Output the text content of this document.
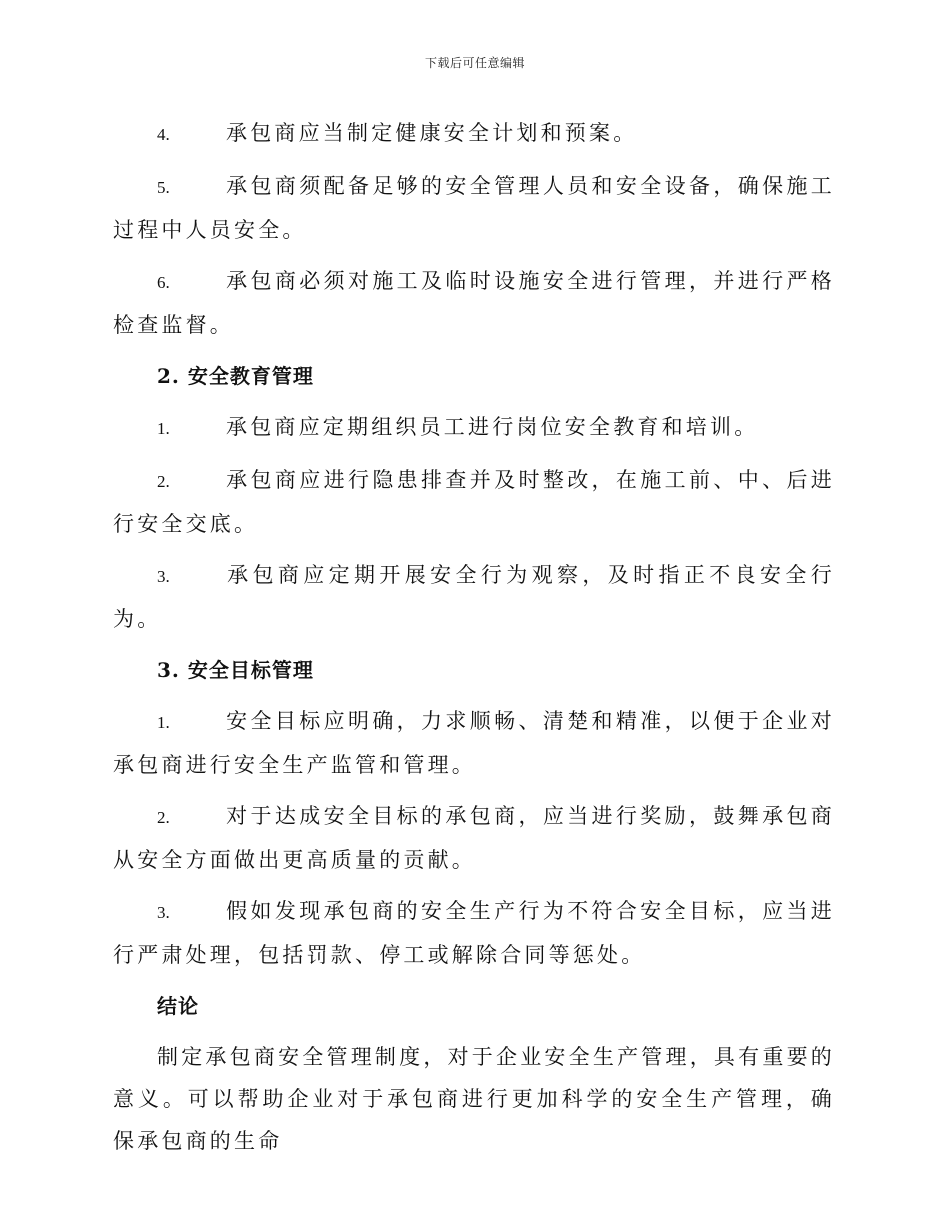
下载后可任意编辑
4.	承包商应当制定健康安全计划和预案。
5.	承包商须配备足够的安全管理人员和安全设备，确保施工过程中人员安全。
6.	承包商必须对施工及临时设施安全进行管理，并进行严格检查监督。
2. 安全教育管理
1.	承包商应定期组织员工进行岗位安全教育和培训。
2.	承包商应进行隐患排查并及时整改，在施工前、中、后进行安全交底。
3.	承包商应定期开展安全行为观察，及时指正不良安全行为。
3. 安全目标管理
1.	安全目标应明确，力求顺畅、清楚和精准，以便于企业对承包商进行安全生产监管和管理。
2.	对于达成安全目标的承包商，应当进行奖励，鼓舞承包商从安全方面做出更高质量的贡献。
3.	假如发现承包商的安全生产行为不符合安全目标，应当进行严肃处理，包括罚款、停工或解除合同等惩处。
结论
制定承包商安全管理制度，对于企业安全生产管理，具有重要的意义。可以帮助企业对于承包商进行更加科学的安全生产管理，确保承包商的生命
